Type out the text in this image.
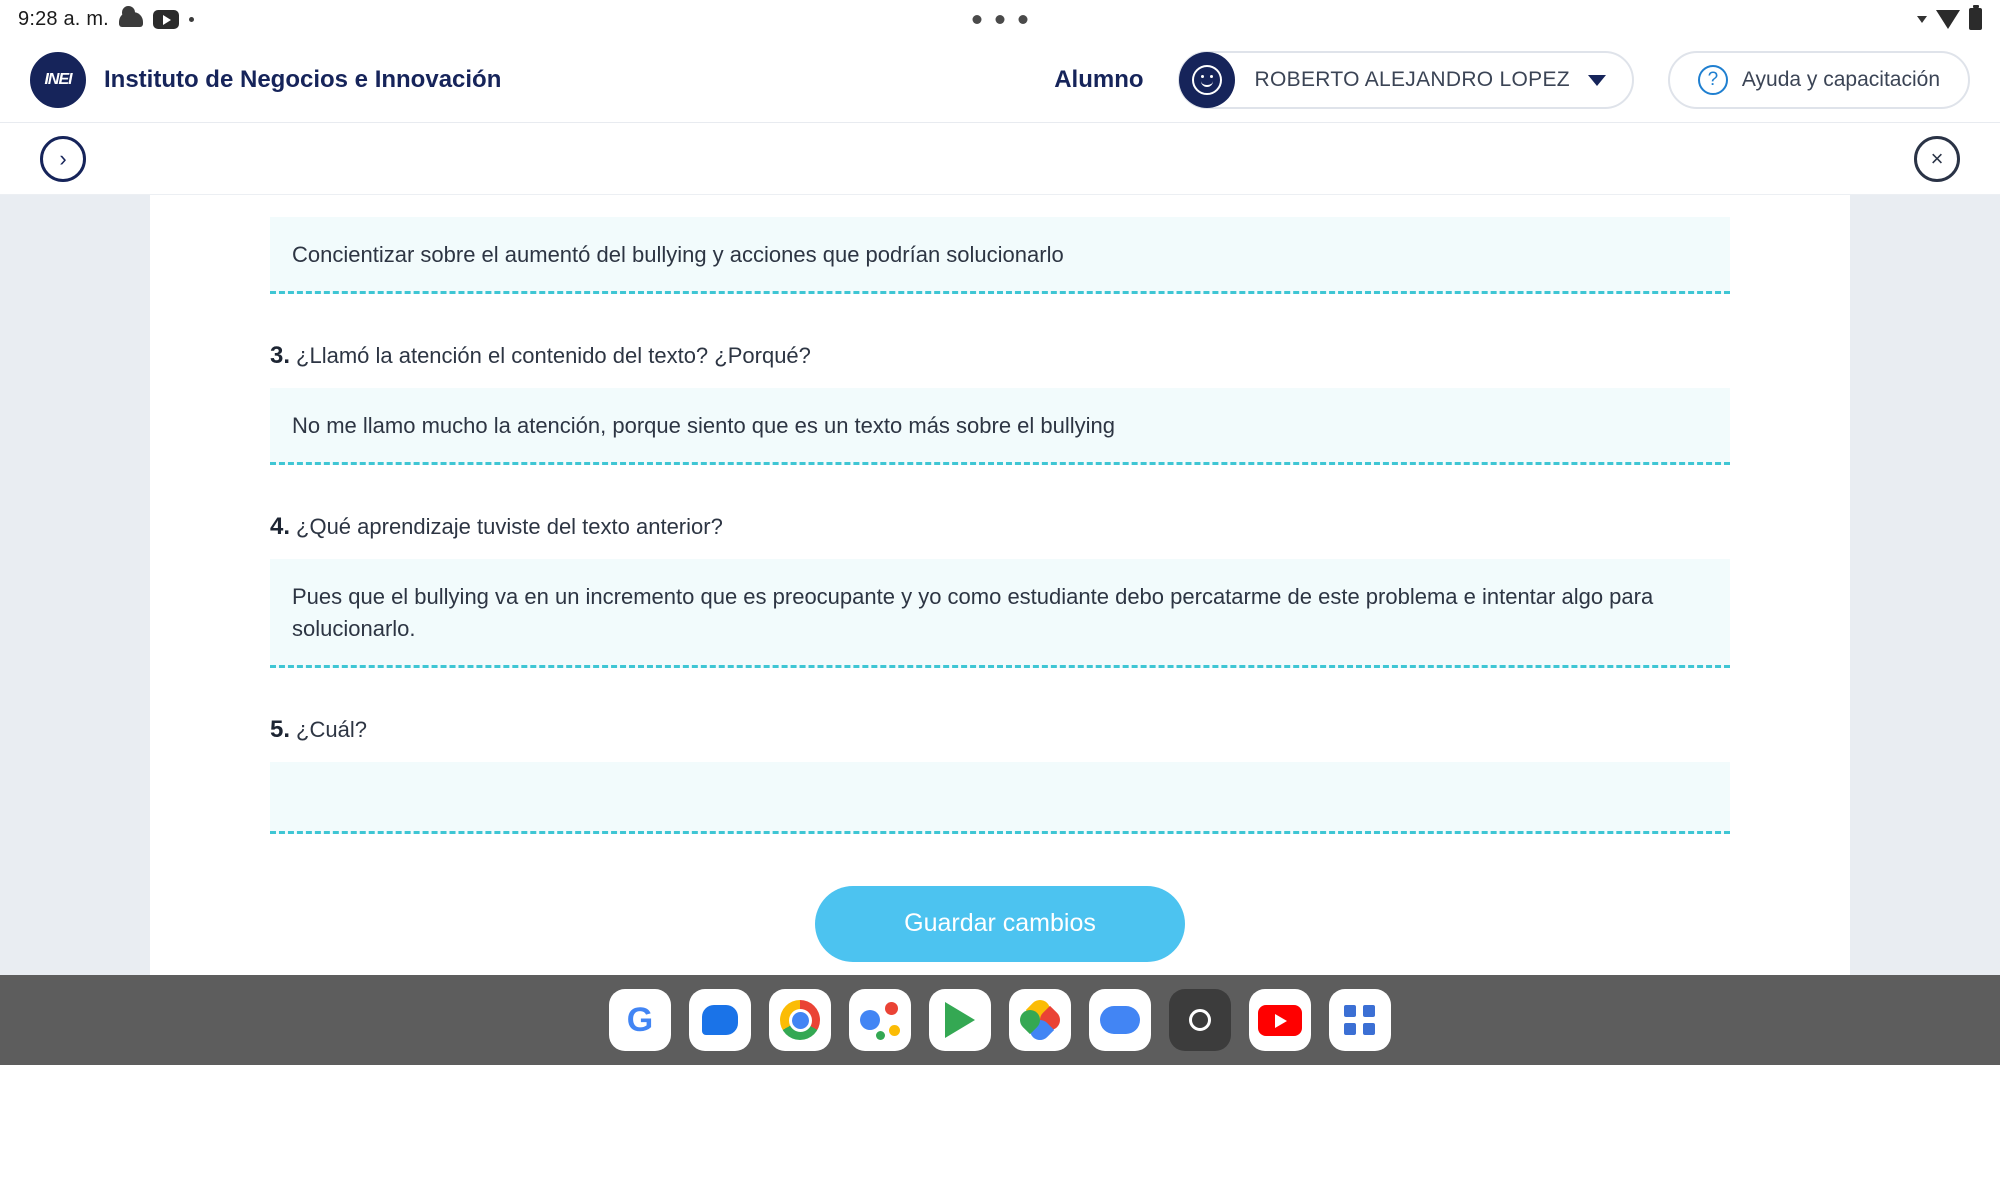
9:28 a. m.
INEI	Instituto de Negocios e Innovación	Alumno	ROBERTO ALEJANDRO LOPEZ	?	Ayuda y capacitación
›	×
Concientizar sobre el aumentó del bullying y acciones que podrían solucionarlo
3. ¿Llamó la atención el contenido del texto? ¿Porqué?
No me llamo mucho la atención, porque siento que es un texto más sobre el bullying
4. ¿Qué aprendizaje tuviste del texto anterior?
Pues que el bullying va en un incremento que es preocupante y yo como estudiante debo percatarme de este problema e intentar algo para solucionarlo.
5. ¿Cuál?
Guardar cambios
G
